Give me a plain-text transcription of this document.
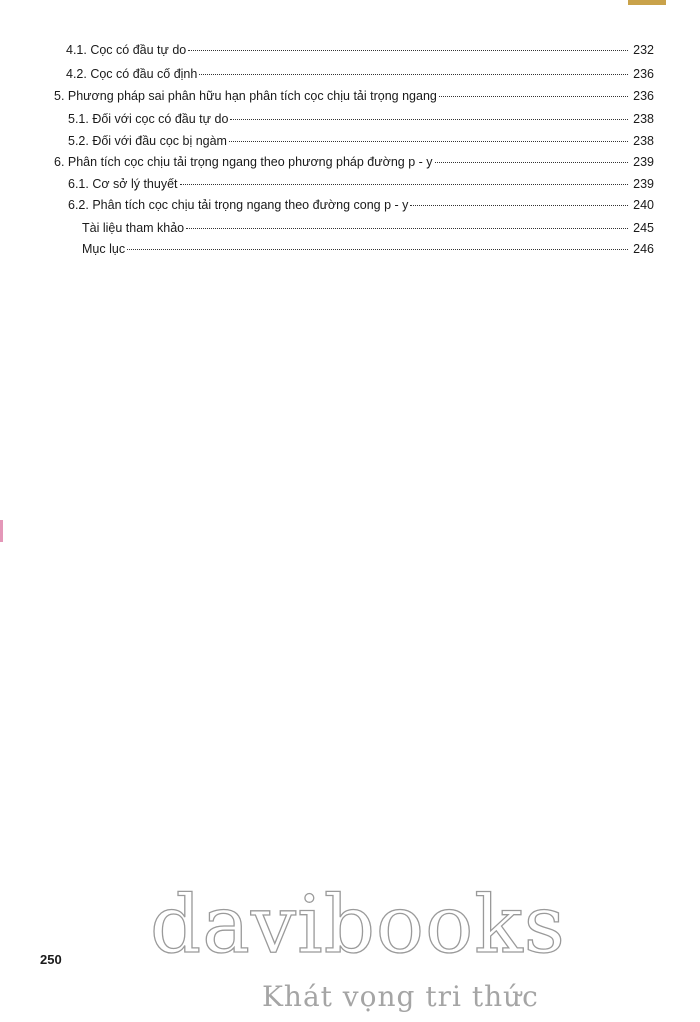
4.1. Cọc có đầu tự do	232
4.2. Cọc có đầu cố định	236
5. Phương pháp sai phân hữu hạn phân tích cọc chịu tải trọng ngang	236
5.1. Đối với cọc có đầu tự do	238
5.2. Đối với đầu cọc bị ngàm	238
6. Phân tích cọc chịu tải trọng ngang theo phương pháp đường p - y	239
6.1. Cơ sở lý thuyết	239
6.2. Phân tích cọc chịu tải trọng ngang theo đường cong p - y	240
Tài liệu tham khảo	245
Mục lục	246
250 davibooks
Khát vọng tri thức
